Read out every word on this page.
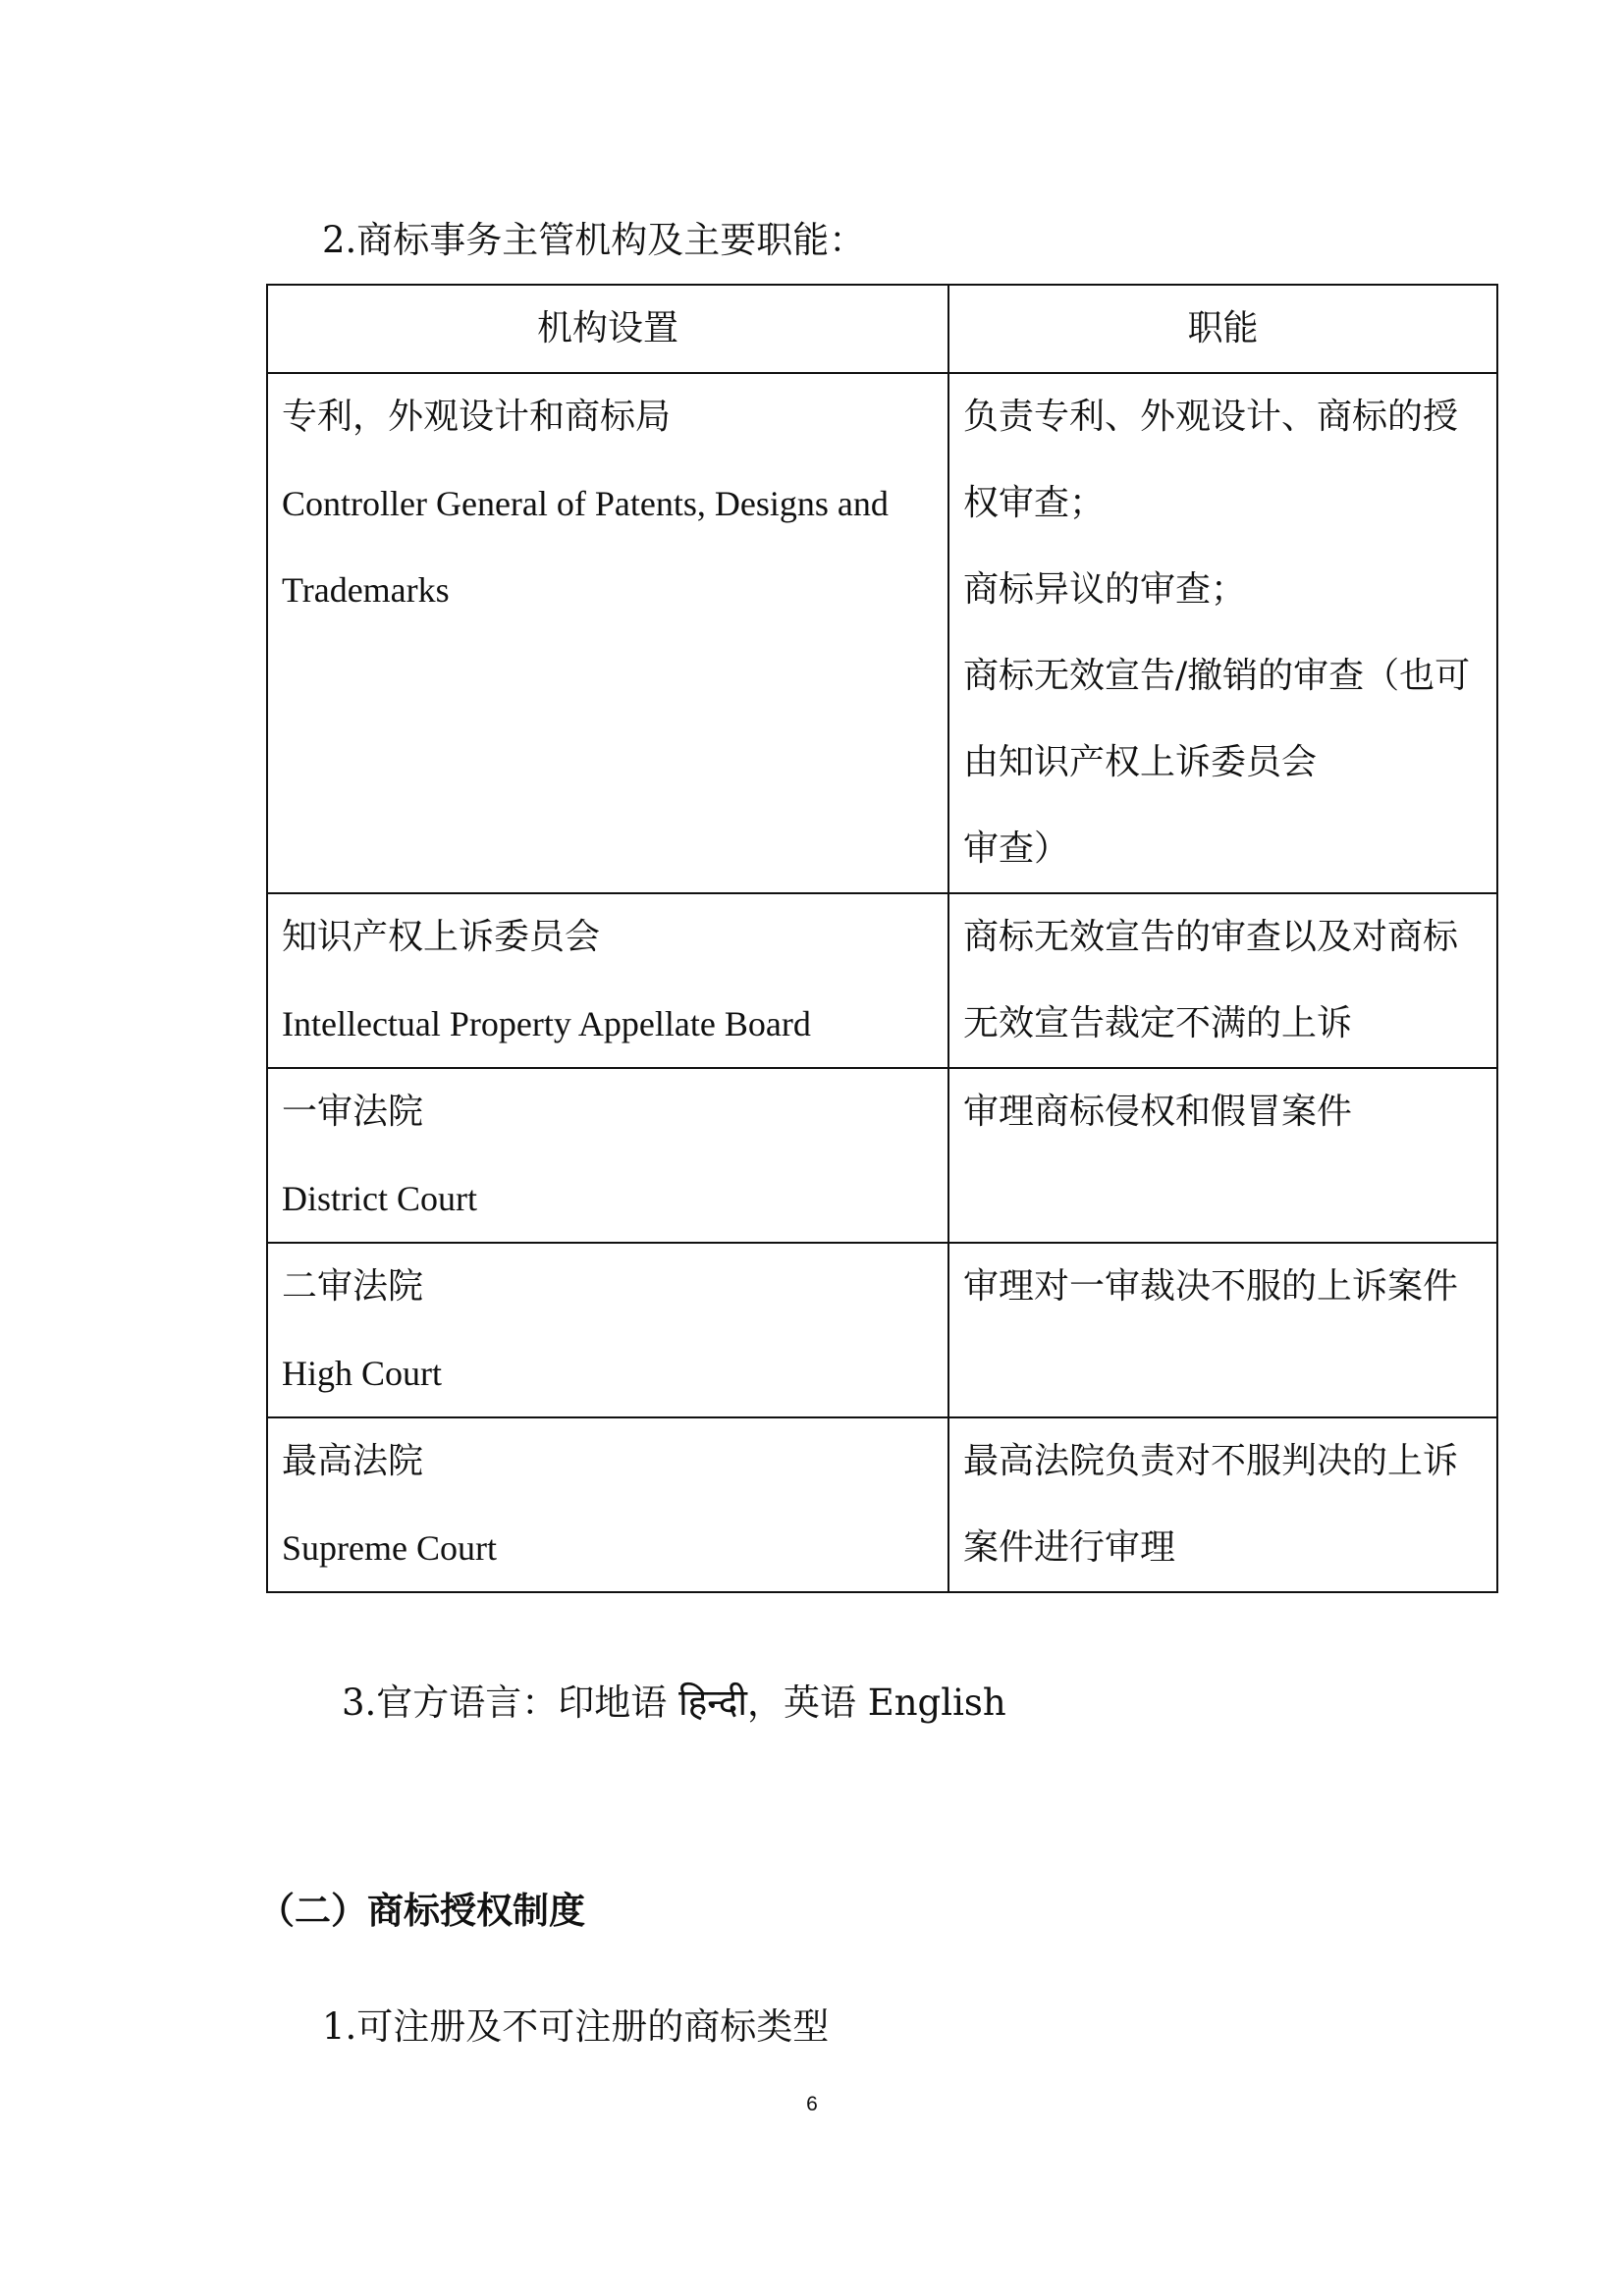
2.商标事务主管机构及主要职能：
机构设置	职能

专利，外观设计和商标局
Controller General of Patents, Designs and Trademarks	负责专利、外观设计、商标的授权审查；
商标异议的审查；
商标无效宣告/撤销的审查（也可由知识产权上诉委员会
审查）

知识产权上诉委员会
Intellectual Property Appellate Board	商标无效宣告的审查以及对商标无效宣告裁定不满的上诉

一审法院
District Court	审理商标侵权和假冒案件

二审法院
High Court	审理对一审裁决不服的上诉案件

最高法院
Supreme Court	最高法院负责对不服判决的上诉案件进行审理
3.官方语言：印地语 हिन्दी，英语 English
（二）商标授权制度
1.可注册及不可注册的商标类型
6
